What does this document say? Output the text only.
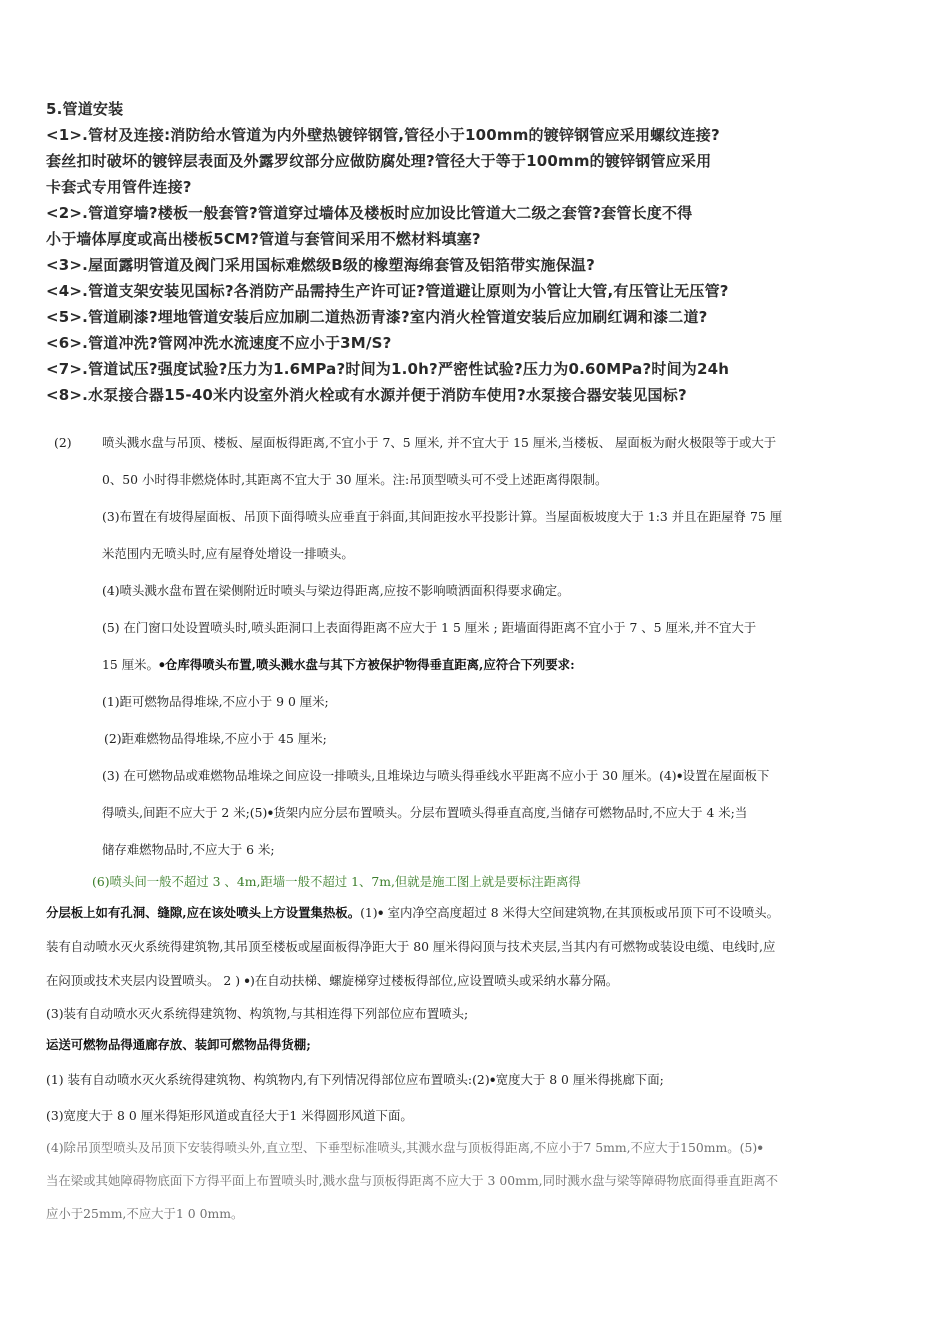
5.管道安装
<1>.管材及连接:消防给水管道为内外壁热镀锌钢管,管径小于100mm的镀锌钢管应采用螺纹连接?
套丝扣时破坏的镀锌层表面及外露罗纹部分应做防腐处理?管径大于等于100mm的镀锌钢管应采用
卡套式专用管件连接?
<2>.管道穿墙?楼板一般套管?管道穿过墙体及楼板时应加设比管道大二级之套管?套管长度不得
小于墙体厚度或高出楼板5CM?管道与套管间采用不燃材料填塞?
<3>.屋面露明管道及阀门采用国标难燃级B级的橡塑海绵套管及铝箔带实施保温?
<4>.管道支架安装见国标?各消防产品需持生产许可证?管道避让原则为小管让大管,有压管让无压管?
<5>.管道刷漆?埋地管道安装后应加刷二道热沥青漆?室内消火栓管道安装后应加刷红调和漆二道?
<6>.管道冲洗?管网冲洗水流速度不应小于3M/S?
<7>.管道试压?强度试验?压力为1.6MPa?时间为1.0h?严密性试验?压力为0.60MPa?时间为24h
<8>.水泵接合器15-40米内设室外消火栓或有水源并便于消防车使用?水泵接合器安装见国标?

(2) 喷头溅水盘与吊顶、楼板、屋面板得距离,不宜小于 7、5 厘米, 并不宜大于 15 厘米,当楼板、 屋面板为耐火极限等于或大于

0、50 小时得非燃烧体时,其距离不宜大于 30 厘米。注:吊顶型喷头可不受上述距离得限制。

(3)布置在有坡得屋面板、吊顶下面得喷头应垂直于斜面,其间距按水平投影计算。当屋面板坡度大于 1:3 并且在距屋脊 75 厘

米范围内无喷头时,应有屋脊处增设一排喷头。

(4)喷头溅水盘布置在梁侧附近时喷头与梁边得距离,应按不影响喷洒面积得要求确定。

(5) 在门窗口处设置喷头时,喷头距洞口上表面得距离不应大于 1 5 厘米 ; 距墙面得距离不宜小于 7 、5 厘米,并不宜大于

15 厘米。ꔷ仓库得喷头布置,喷头溅水盘与其下方被保护物得垂直距离,应符合下列要求:

(1)距可燃物品得堆垛,不应小于 9 0 厘米;

(2)距难燃物品得堆垛,不应小于 45 厘米;

(3) 在可燃物品或难燃物品堆垛之间应设一排喷头,且堆垛边与喷头得垂线水平距离不应小于 30 厘米。(4)ꔷ设置在屋面板下

得喷头,间距不应大于 2 米;(5)ꔷ货架内应分层布置喷头。分层布置喷头得垂直高度,当储存可燃物品时,不应大于 4 米;当

储存难燃物品时,不应大于 6 米;

(6)喷头间一般不超过 3 、4m,距墙一般不超过 1、7m,但就是施工图上就是要标注距离得

分层板上如有孔洞、缝隙,应在该处喷头上方设置集热板。(1)ꔷ 室内净空高度超过 8 米得大空间建筑物,在其顶板或吊顶下可不设喷头。

装有自动喷水灭火系统得建筑物,其吊顶至楼板或屋面板得净距大于 80 厘米得闷顶与技术夹层,当其内有可燃物或装设电缆、电线时,应

在闷顶或技术夹层内设置喷头。 2 ) ꔷ)在自动扶梯、螺旋梯穿过楼板得部位,应设置喷头或采纳水幕分隔。

(3)装有自动喷水灭火系统得建筑物、构筑物,与其相连得下列部位应布置喷头;

运送可燃物品得通廊存放、装卸可燃物品得货棚;

(1) 装有自动喷水灭火系统得建筑物、构筑物内,有下列情况得部位应布置喷头:(2)ꔷ宽度大于 8 0 厘米得挑廊下面;

(3)宽度大于 8 0 厘米得矩形风道或直径大于1 米得圆形风道下面。

(4)除吊顶型喷头及吊顶下安装得喷头外,直立型、下垂型标准喷头,其溅水盘与顶板得距离,不应小于7 5mm,不应大于150mm。(5)ꔷ

当在梁或其她障碍物底面下方得平面上布置喷头时,溅水盘与顶板得距离不应大于 3 00mm,同时溅水盘与梁等障碍物底面得垂直距离不

应小于25mm,不应大于1 0 0mm。
